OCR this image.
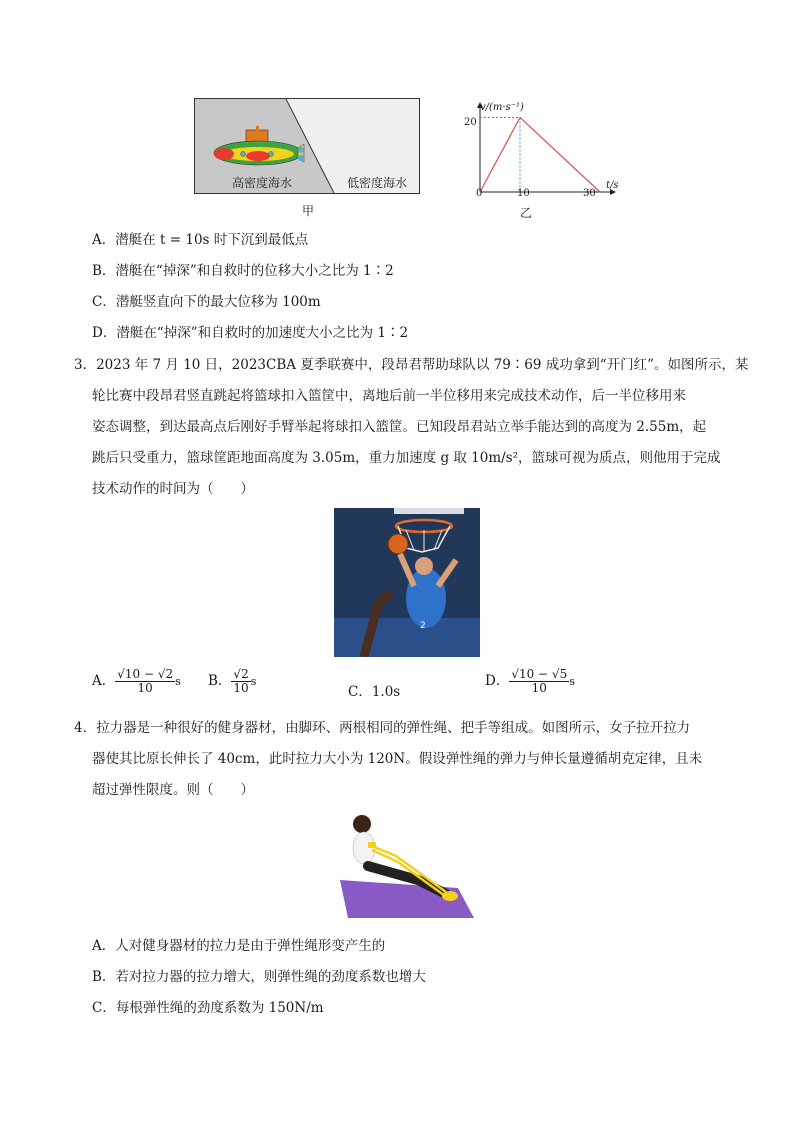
高密度海水	低密度海水
甲
v/(m·s⁻¹)
t/s
20
0	10	30
乙
A．潜艇在 t = 10s 时下沉到最低点
B．潜艇在“掉深”和自救时的位移大小之比为 1∶2
C．潜艇竖直向下的最大位移为 100m
D．潜艇在“掉深”和自救时的加速度大小之比为 1∶2
3．2023 年 7 月 10 日，2023CBA 夏季联赛中，段昂君帮助球队以 79∶69 成功拿到“开门红”。如图所示，某
轮比赛中段昂君竖直跳起将篮球扣入篮筐中，离地后前一半位移用来完成技术动作，后一半位移用来
姿态调整，到达最高点后刚好手臂举起将球扣入篮筐。已知段昂君站立举手能达到的高度为 2.55m，起
跳后只受重力，篮球筐距地面高度为 3.05m，重力加速度 g 取 10m/s²，篮球可视为质点，则他用于完成
技术动作的时间为（　　）
2
A． $\frac{√10 - √2}{10}$ s B． $\frac{√2}{10}$ s
C．1.0s
D． $\frac{√10 - √5}{10}$ s
4．拉力器是一种很好的健身器材，由脚环、两根相同的弹性绳、把手等组成。如图所示，女子拉开拉力
器使其比原长伸长了 40cm，此时拉力大小为 120N。假设弹性绳的弹力与伸长量遵循胡克定律，且未
超过弹性限度。则（　　）
A．人对健身器材的拉力是由于弹性绳形变产生的
B．若对拉力器的拉力增大，则弹性绳的劲度系数也增大
C．每根弹性绳的劲度系数为 150N/m
